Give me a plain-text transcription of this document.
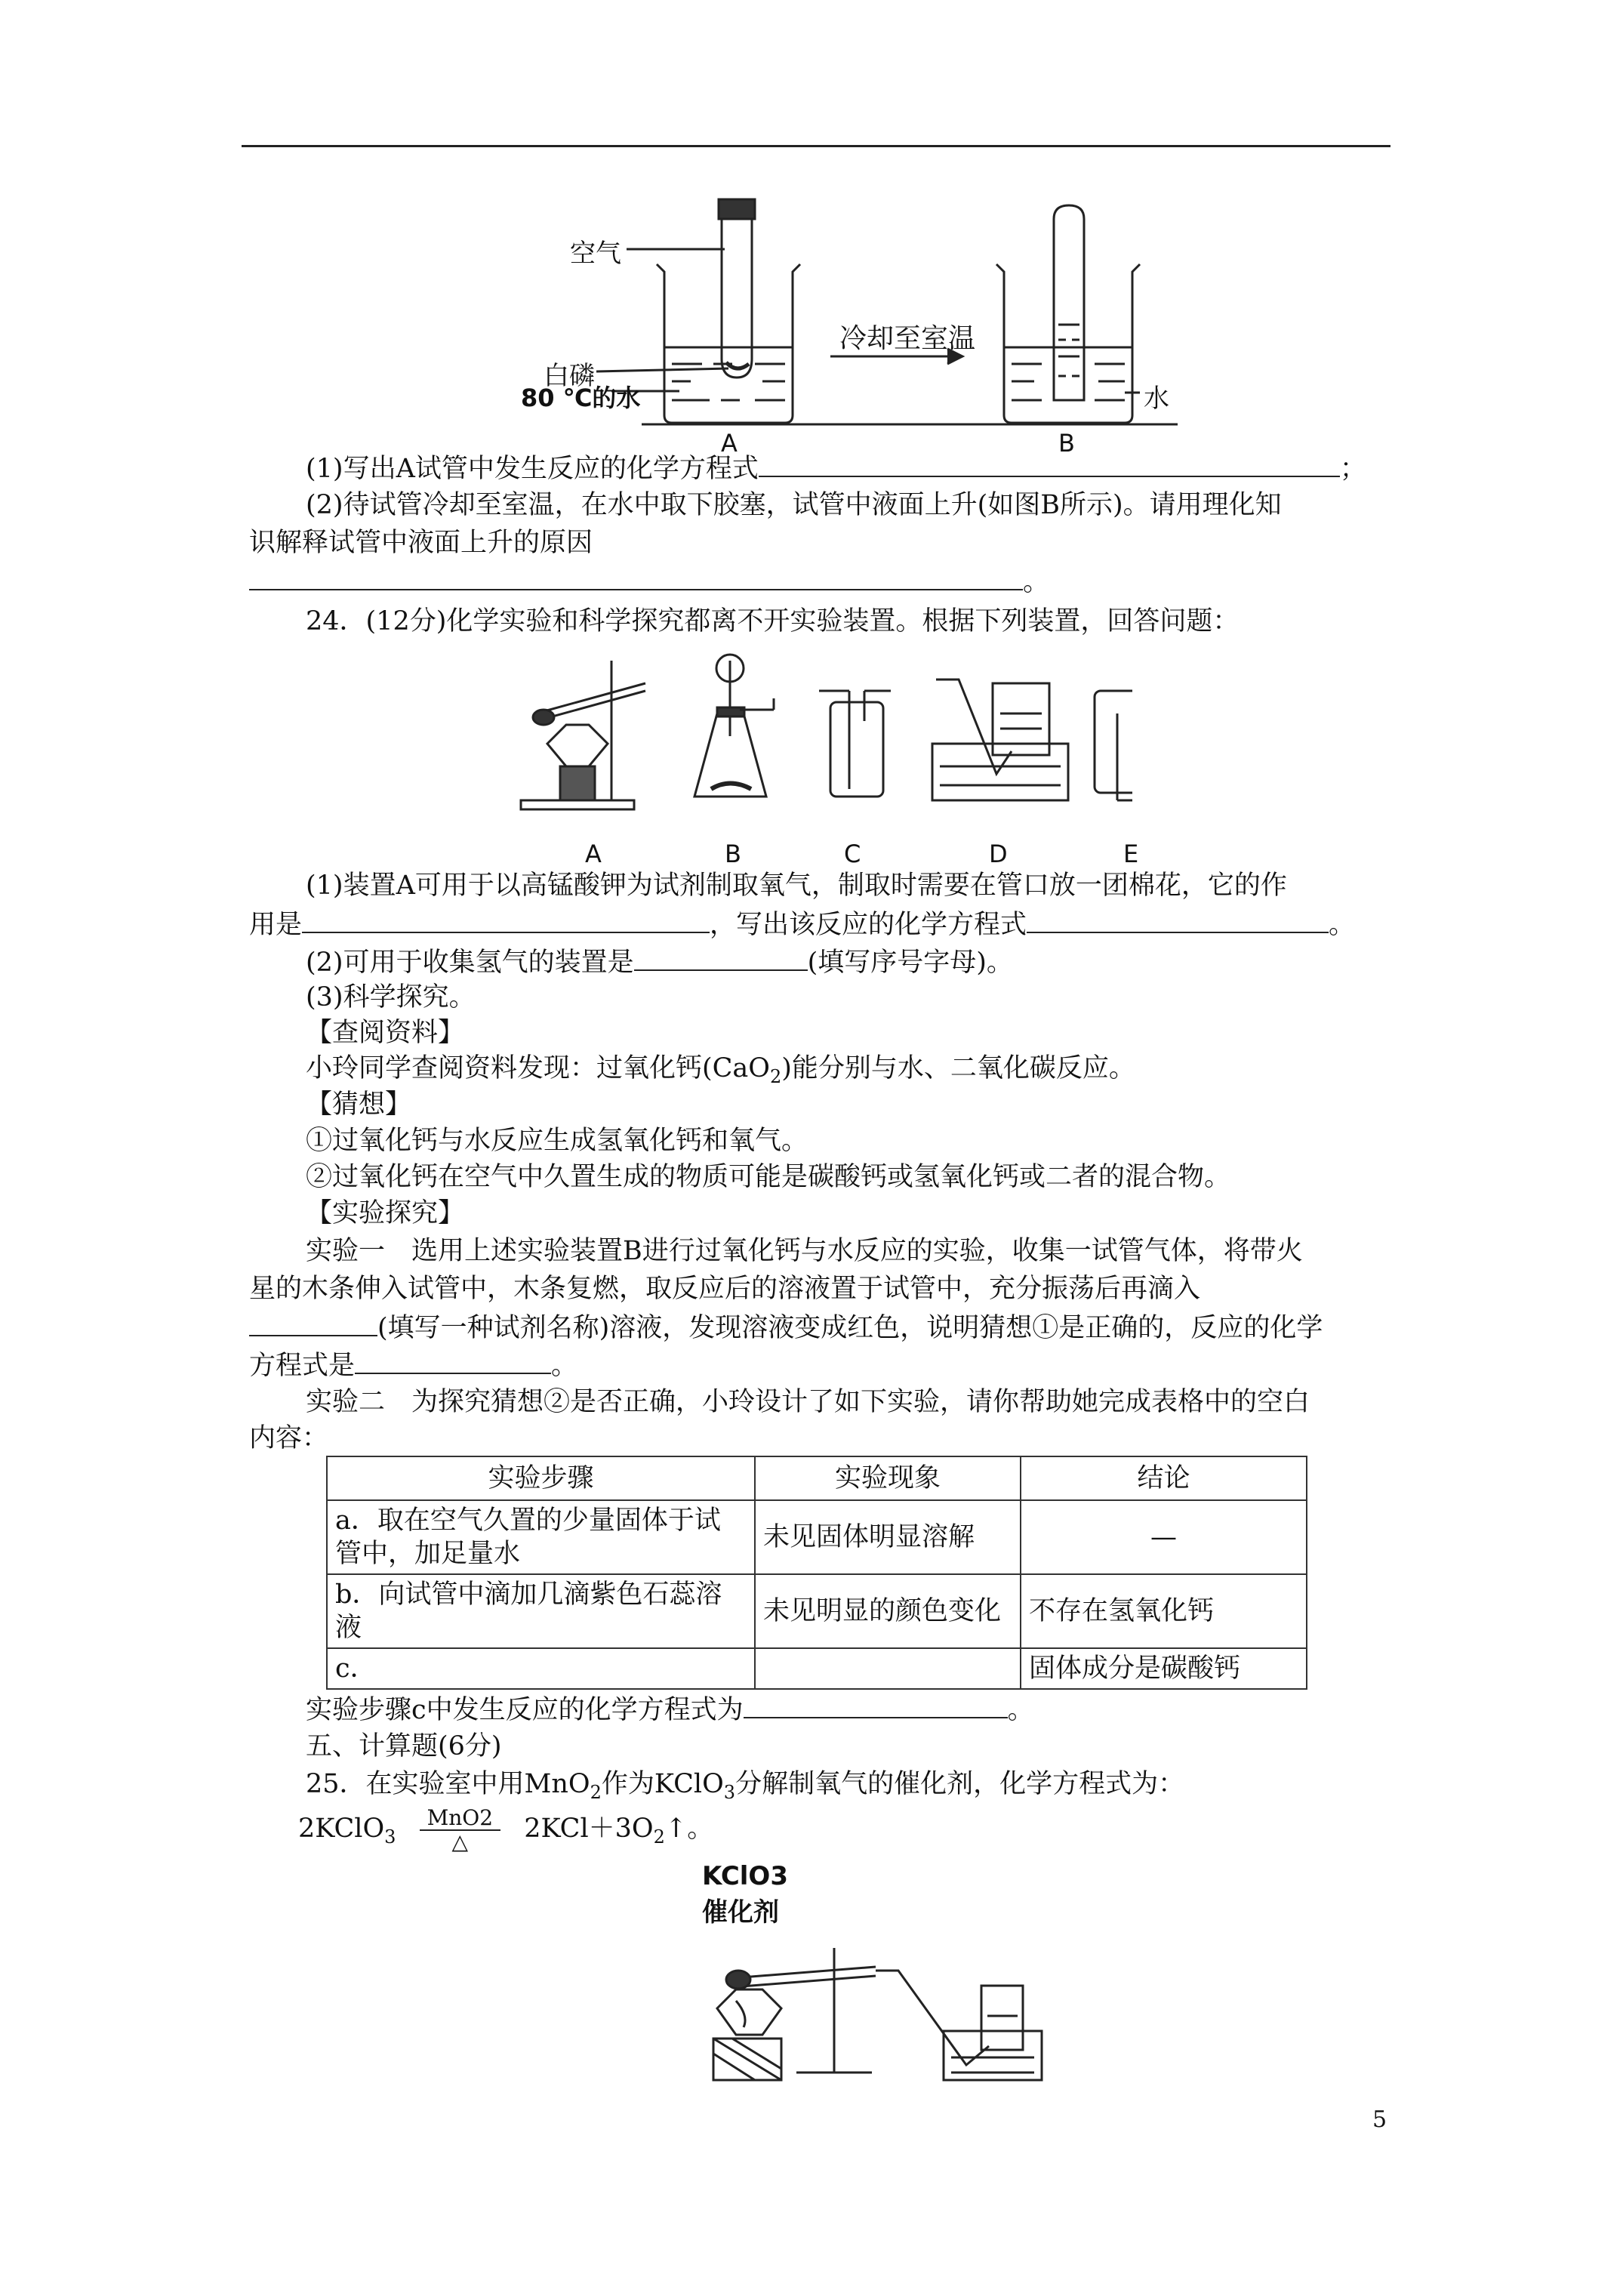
空气
白磷
80 ℃的水
冷却至室温
水
A	B
(1)写出A试管中发生反应的化学方程式	；
(2)待试管冷却至室温，在水中取下胶塞，试管中液面上升(如图B所示)。请用理化知
识解释试管中液面上升的原因
。
24．(12分)化学实验和科学探究都离不开实验装置。根据下列装置，回答问题：
A	B	C	D	E
(1)装置A可用于以高锰酸钾为试剂制取氧气，制取时需要在管口放一团棉花，它的作
用是	，写出该反应的化学方程式	。
(2)可用于收集氢气的装置是	(填写序号字母)。
(3)科学探究。
【查阅资料】
小玲同学查阅资料发现：过氧化钙(CaO$_2$)能分别与水、二氧化碳反应。
【猜想】
①过氧化钙与水反应生成氢氧化钙和氧气。
②过氧化钙在空气中久置生成的物质可能是碳酸钙或氢氧化钙或二者的混合物。
【实验探究】
实验一　选用上述实验装置B进行过氧化钙与水反应的实验，收集一试管气体，将带火
星的木条伸入试管中，木条复燃，取反应后的溶液置于试管中，充分振荡后再滴入
(填写一种试剂名称)溶液，发现溶液变成红色，说明猜想①是正确的，反应的化学
方程式是	。
实验二　为探究猜想②是否正确，小玲设计了如下实验，请你帮助她完成表格中的空白
内容：
实验步骤	实验现象	结论
a．取在空气久置的少量固体于试管中，加足量水	未见固体明显溶解	—
b．向试管中滴加几滴紫色石蕊溶液	未见明显的颜色变化	不存在氢氧化钙
c．		固体成分是碳酸钙
实验步骤c中发生反应的化学方程式为	。
五、计算题(6分)
25．在实验室中用MnO$_2$作为KClO$_3$分解制氧气的催化剂，化学方程式为：
2KClO$_3$
MnO2
△	$2KCl+3O_2↑$。
KClO3
催化剂
5
